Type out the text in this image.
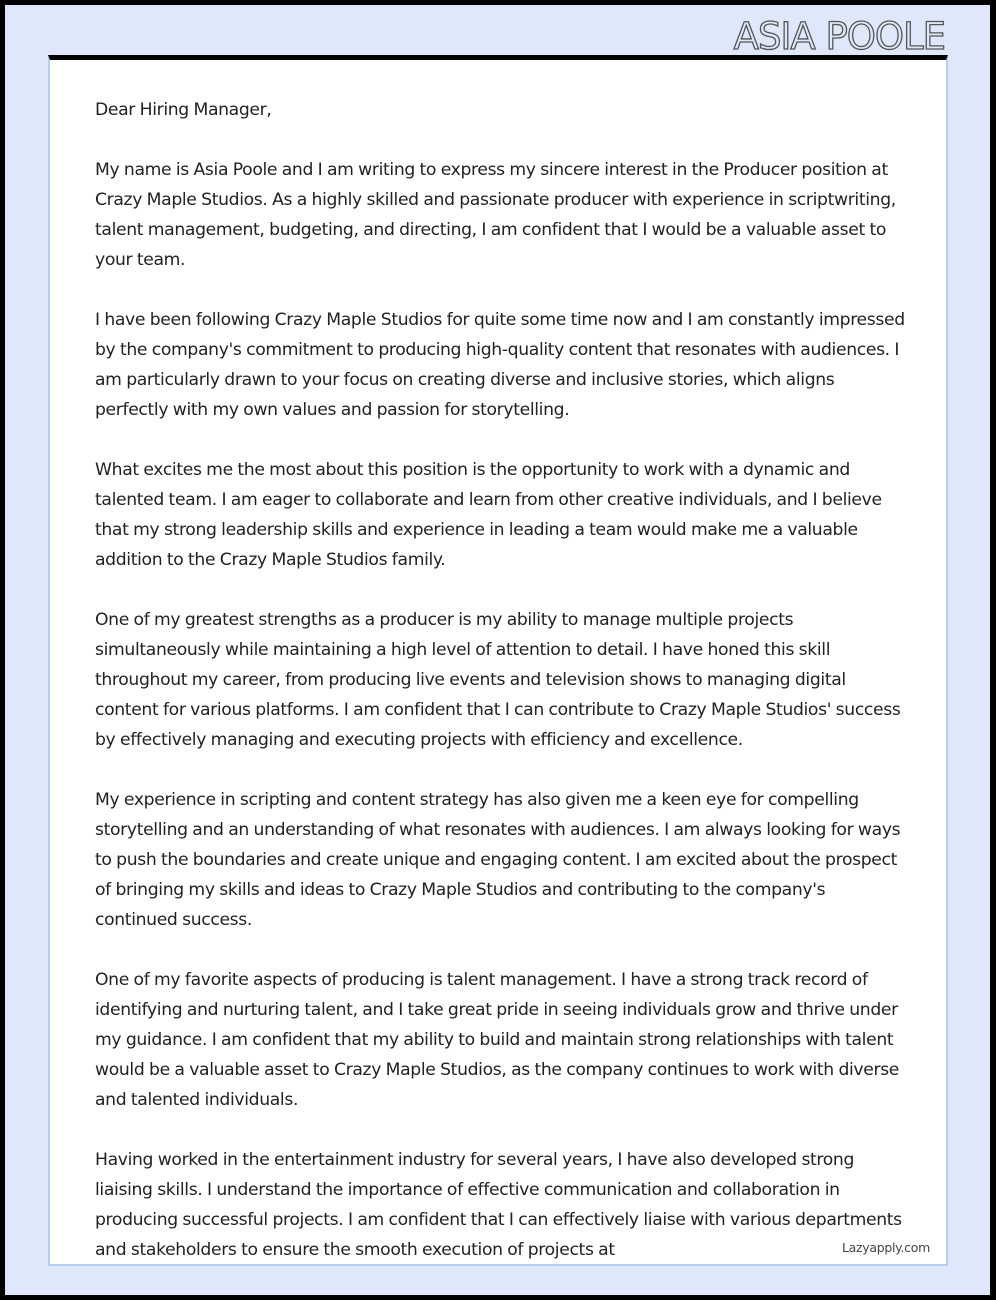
ASIA POOLE

Dear Hiring Manager,

My name is Asia Poole and I am writing to express my sincere interest in the Producer position at Crazy Maple Studios. As a highly skilled and passionate producer with experience in scriptwriting, talent management, budgeting, and directing, I am confident that I would be a valuable asset to your team.

I have been following Crazy Maple Studios for quite some time now and I am constantly impressed by the company's commitment to producing high-quality content that resonates with audiences. I am particularly drawn to your focus on creating diverse and inclusive stories, which aligns perfectly with my own values and passion for storytelling.

What excites me the most about this position is the opportunity to work with a dynamic and talented team. I am eager to collaborate and learn from other creative individuals, and I believe that my strong leadership skills and experience in leading a team would make me a valuable addition to the Crazy Maple Studios family.

One of my greatest strengths as a producer is my ability to manage multiple projects simultaneously while maintaining a high level of attention to detail. I have honed this skill throughout my career, from producing live events and television shows to managing digital content for various platforms. I am confident that I can contribute to Crazy Maple Studios' success by effectively managing and executing projects with efficiency and excellence.

My experience in scripting and content strategy has also given me a keen eye for compelling storytelling and an understanding of what resonates with audiences. I am always looking for ways to push the boundaries and create unique and engaging content. I am excited about the prospect of bringing my skills and ideas to Crazy Maple Studios and contributing to the company's continued success.

One of my favorite aspects of producing is talent management. I have a strong track record of identifying and nurturing talent, and I take great pride in seeing individuals grow and thrive under my guidance. I am confident that my ability to build and maintain strong relationships with talent would be a valuable asset to Crazy Maple Studios, as the company continues to work with diverse and talented individuals.

Having worked in the entertainment industry for several years, I have also developed strong liaising skills. I understand the importance of effective communication and collaboration in producing successful projects. I am confident that I can effectively liaise with various departments and stakeholders to ensure the smooth execution of projects at	Lazyapply.com
